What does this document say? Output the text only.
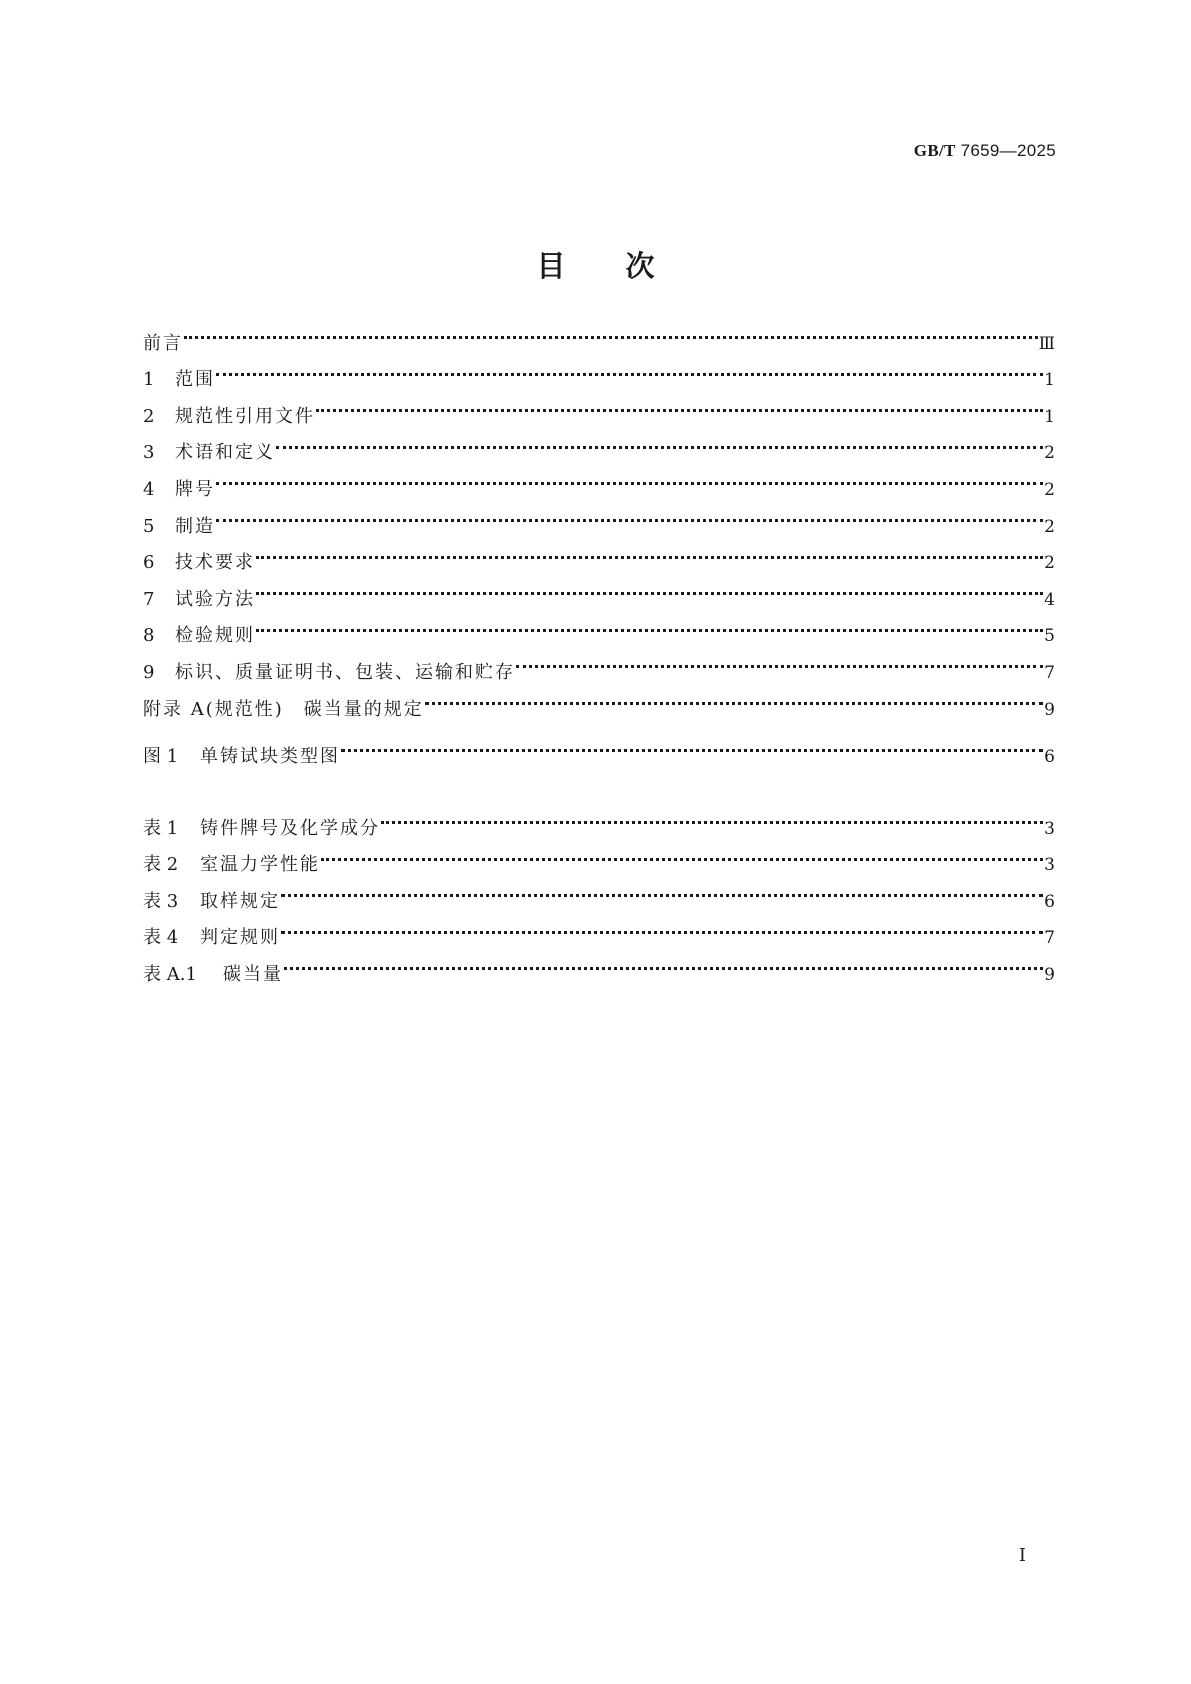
GB/T 7659—2025
目次
前言	Ⅲ
1	范围	1
2	规范性引用文件	1
3	术语和定义	2
4	牌号	2
5	制造	2
6	技术要求	2
7	试验方法	4
8	检验规则	5
9	标识、质量证明书、包装、运输和贮存	7
附录 A(规范性)　碳当量的规定	9
图 1	单铸试块类型图	6
表 1	铸件牌号及化学成分	3
表 2	室温力学性能	3
表 3	取样规定	6
表 4	判定规则	7
表 A.1	碳当量	9
I
